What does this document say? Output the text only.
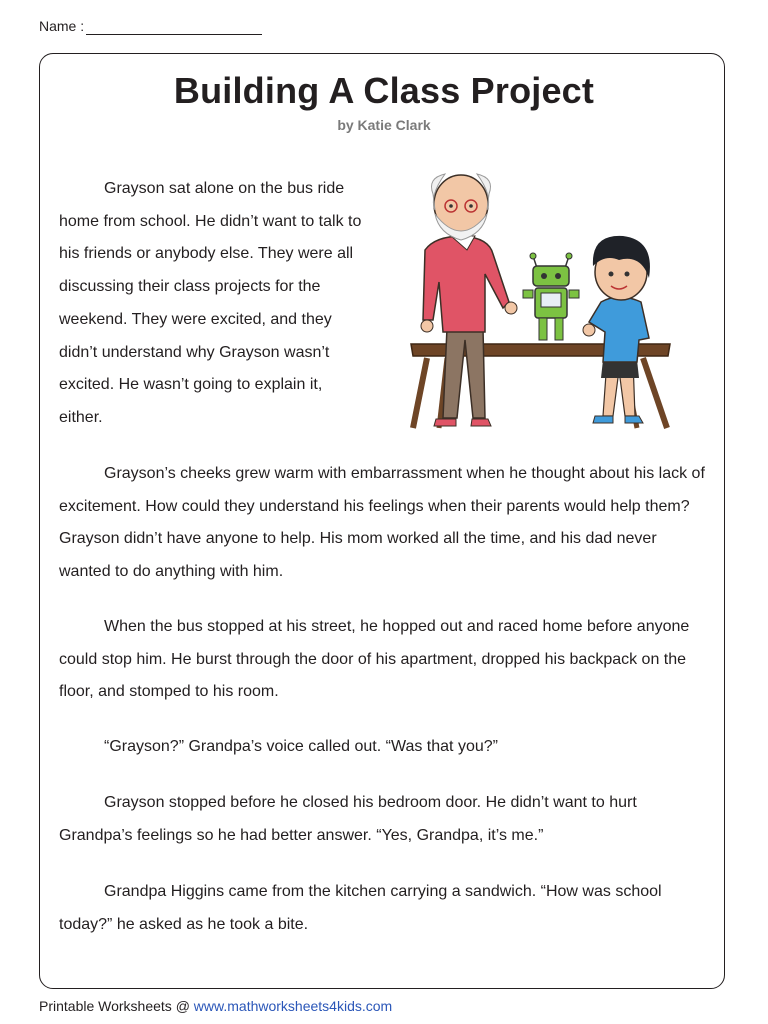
Name :
Building A Class Project
by Katie Clark

Grayson sat alone on the bus ride home from school. He didn’t want to talk to his friends or anybody else. They were all discussing their class projects for the weekend. They were excited, and they didn’t understand why Grayson wasn’t excited. He wasn’t going to explain it, either.

Grayson’s cheeks grew warm with embarrassment when he thought about his lack of excitement. How could they understand his feelings when their parents would help them? Grayson didn’t have anyone to help. His mom worked all the time, and his dad never wanted to do anything with him.

When the bus stopped at his street, he hopped out and raced home before anyone could stop him. He burst through the door of his apartment, dropped his backpack on the floor, and stomped to his room.

“Grayson?” Grandpa’s voice called out. “Was that you?”

Grayson stopped before he closed his bedroom door. He didn’t want to hurt Grandpa’s feelings so he had better answer. “Yes, Grandpa, it’s me.”

Grandpa Higgins came from the kitchen carrying a sandwich. “How was school today?” he asked as he took a bite.

Printable Worksheets @ www.mathworksheets4kids.com
